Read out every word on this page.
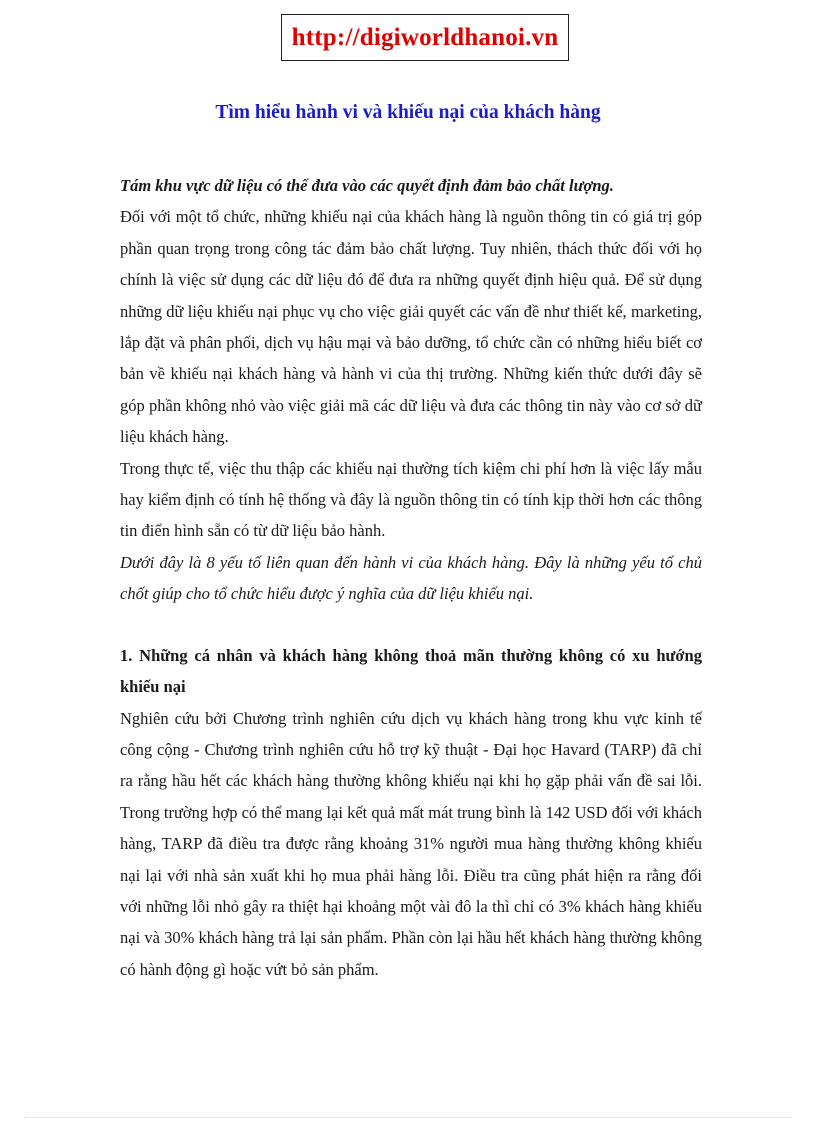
http://digiworldhanoi.vn
Tìm hiểu hành vi và khiếu nại của khách hàng

Tám khu vực dữ liệu có thể đưa vào các quyết định đảm bảo chất lượng.

Đối với một tổ chức, những khiếu nại của khách hàng là nguồn thông tin có giá trị góp phần quan trọng trong công tác đảm bảo chất lượng. Tuy nhiên, thách thức đối với họ chính là việc sử dụng các dữ liệu đó để đưa ra những quyết định hiệu quả. Để sử dụng những dữ liệu khiếu nại phục vụ cho việc giải quyết các vấn đề như thiết kế, marketing, lắp đặt và phân phối, dịch vụ hậu mại và bảo dưỡng, tổ chức cần có những hiểu biết cơ bản về khiếu nại khách hàng và hành vi của thị trường. Những kiến thức dưới đây sẽ góp phần không nhỏ vào việc giải mã các dữ liệu và đưa các thông tin này vào cơ sở dữ liệu khách hàng.

Trong thực tế, việc thu thập các khiếu nại thường tích kiệm chi phí hơn là việc lấy mẫu hay kiểm định có tính hệ thống và đây là nguồn thông tin có tính kịp thời hơn các thông tin điển hình sẵn có từ dữ liệu bảo hành.

Dưới đây là 8 yếu tố liên quan đến hành vi của khách hàng. Đây là những yếu tố chủ chốt giúp cho tổ chức hiểu được ý nghĩa của dữ liệu khiếu nại.

1. Những cá nhân và khách hàng không thoả mãn thường không có xu hướng khiếu nại

Nghiên cứu bởi Chương trình nghiên cứu dịch vụ khách hàng trong khu vực kinh tế công cộng - Chương trình nghiên cứu hỗ trợ kỹ thuật - Đại học Havard (TARP) đã chỉ ra rằng hầu hết các khách hàng thường không khiếu nại khi họ gặp phải vấn đề sai lỗi. Trong trường hợp có thể mang lại kết quả mất mát trung bình là 142 USD đối với khách hàng, TARP đã điều tra được rằng khoảng 31% người mua hàng thường không khiếu nại lại với nhà sản xuất khi họ mua phải hàng lỗi. Điều tra cũng phát hiện ra rằng đối với những lỗi nhỏ gây ra thiệt hại khoảng một vài đô la thì chỉ có 3% khách hàng khiếu nại và 30% khách hàng trả lại sản phẩm. Phần còn lại hầu hết khách hàng thường không có hành động gì hoặc vứt bỏ sản phẩm.
